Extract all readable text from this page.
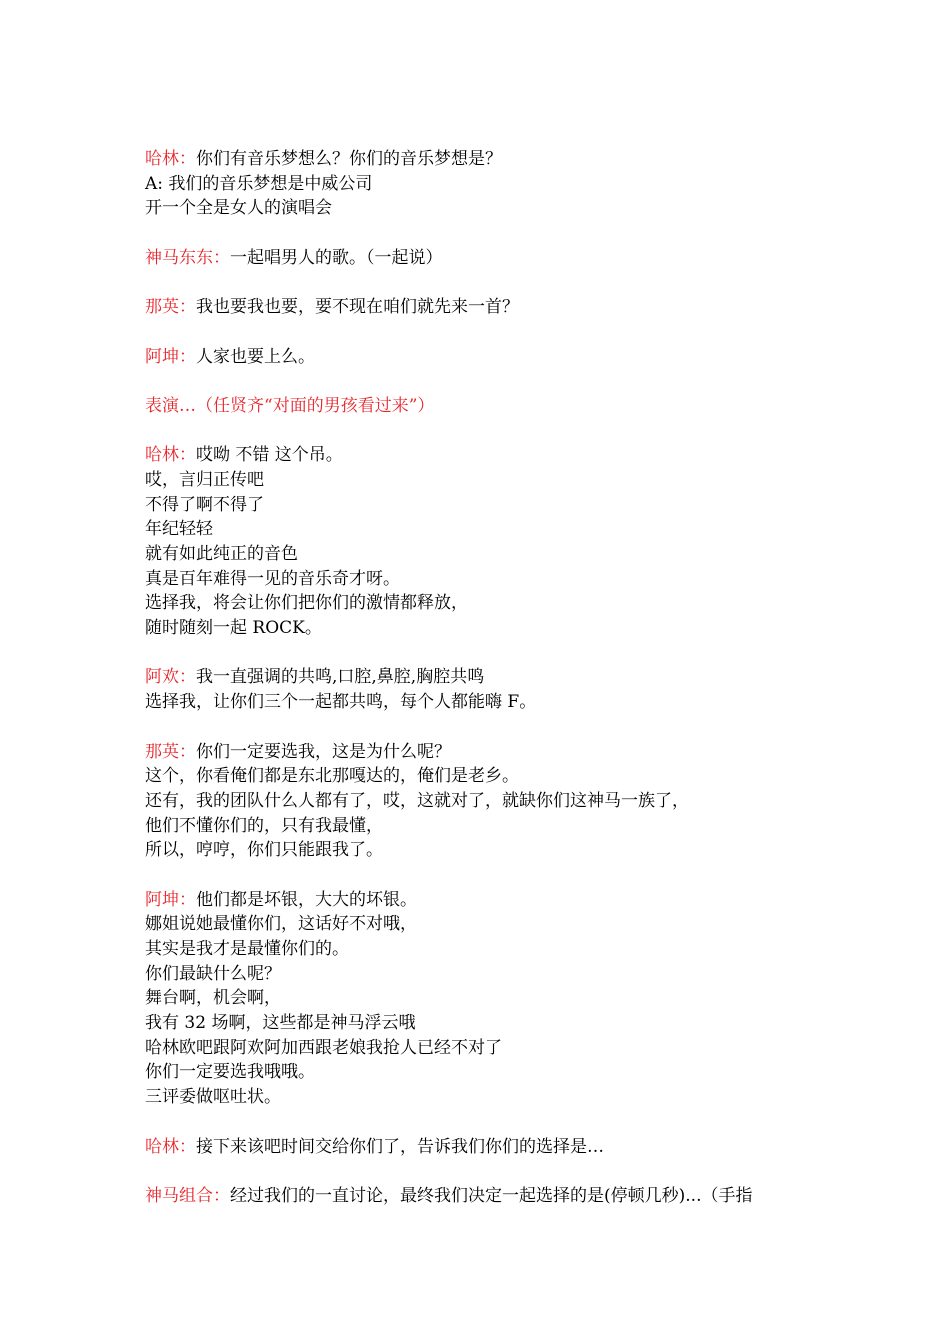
哈林：你们有音乐梦想么？你们的音乐梦想是？
A: 我们的音乐梦想是中威公司
开一个全是女人的演唱会
神马东东：一起唱男人的歌。（一起说）
那英：我也要我也要，要不现在咱们就先来一首？
阿坤：人家也要上么。
表演…（任贤齐“对面的男孩看过来”）
哈林：哎呦 不错 这个吊。
哎，言归正传吧
不得了啊不得了
年纪轻轻
就有如此纯正的音色
真是百年难得一见的音乐奇才呀。
选择我，将会让你们把你们的激情都释放，
随时随刻一起 ROCK。
阿欢：我一直强调的共鸣,口腔,鼻腔,胸腔共鸣
选择我，让你们三个一起都共鸣，每个人都能嗨 F。
那英：你们一定要选我，这是为什么呢？
这个，你看俺们都是东北那嘎达的，俺们是老乡。
还有，我的团队什么人都有了，哎，这就对了，就缺你们这神马一族了，
他们不懂你们的，只有我最懂，
所以，哼哼，你们只能跟我了。
阿坤：他们都是坏银，大大的坏银。
娜姐说她最懂你们，这话好不对哦，
其实是我才是最懂你们的。
你们最缺什么呢？
舞台啊，机会啊，
我有 32 场啊，这些都是神马浮云哦
哈林欧吧跟阿欢阿加西跟老娘我抢人已经不对了
你们一定要选我哦哦。
三评委做呕吐状。
哈林：接下来该吧时间交给你们了，告诉我们你们的选择是…
神马组合：经过我们的一直讨论，最终我们决定一起选择的是(停顿几秒)...（手指
